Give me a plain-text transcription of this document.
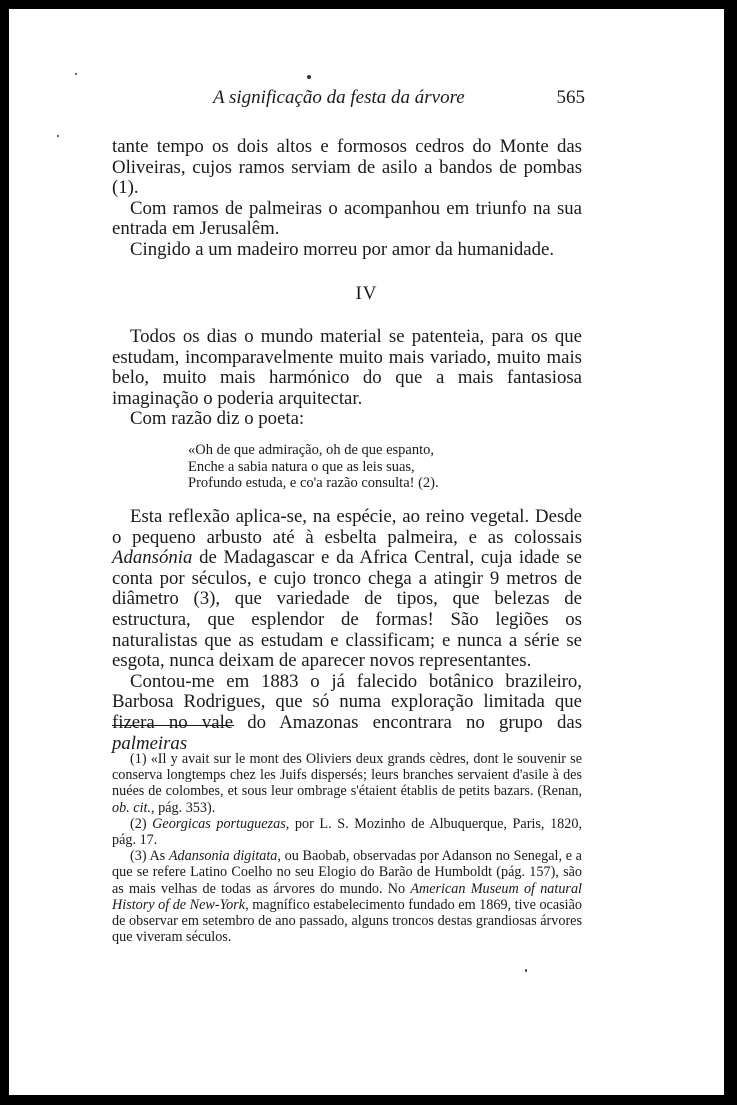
A significação da festa da árvore	565

tante tempo os dois altos e formosos cedros do Monte das Oliveiras, cujos ramos serviam de asilo a bandos de pombas (1).

Com ramos de palmeiras o acompanhou em triunfo na sua entrada em Jerusalêm.

Cingido a um madeiro morreu por amor da humanidade.

IV

Todos os dias o mundo material se patenteia, para os que estudam, incomparavelmente muito mais variado, muito mais belo, muito mais harmónico do que a mais fantasiosa imaginação o poderia arquitectar.

Com razão diz o poeta:

«Oh de que admiração, oh de que espanto,
Enche a sabia natura o que as leis suas,
Profundo estuda, e co'a razão consulta! (2).

Esta reflexão aplica-se, na espécie, ao reino vegetal. Desde o pequeno arbusto até à esbelta palmeira, e as colossais Adansónia de Madagascar e da Africa Central, cuja idade se conta por séculos, e cujo tronco chega a atingir 9 metros de diâmetro (3), que variedade de tipos, que belezas de estructura, que esplendor de formas! São legiões os naturalistas que as estudam e classificam; e nunca a série se esgota, nunca deixam de aparecer novos representantes.

Contou-me em 1883 o já falecido botânico brazileiro, Barbosa Rodrigues, que só numa exploração limitada que fizera no vale do Amazonas encontrara no grupo das palmeiras

(1) «Il y avait sur le mont des Oliviers deux grands cèdres, dont le souvenir se conserva longtemps chez les Juifs dispersés; leurs branches servaient d'asile à des nuées de colombes, et sous leur ombrage s'étaient établis de petits bazars. (Renan, ob. cit., pág. 353).

(2) Georgicas portuguezas, por L. S. Mozinho de Albuquerque, Paris, 1820, pág. 17.

(3) As Adansonia digitata, ou Baobab, observadas por Adanson no Senegal, e a que se refere Latino Coelho no seu Elogio do Barão de Humboldt (pág. 157), são as mais velhas de todas as árvores do mundo. No American Museum of natural History of de New-York, magnífico estabelecimento fundado em 1869, tive ocasião de observar em setembro de ano passado, alguns troncos destas grandiosas árvores que viveram séculos.
